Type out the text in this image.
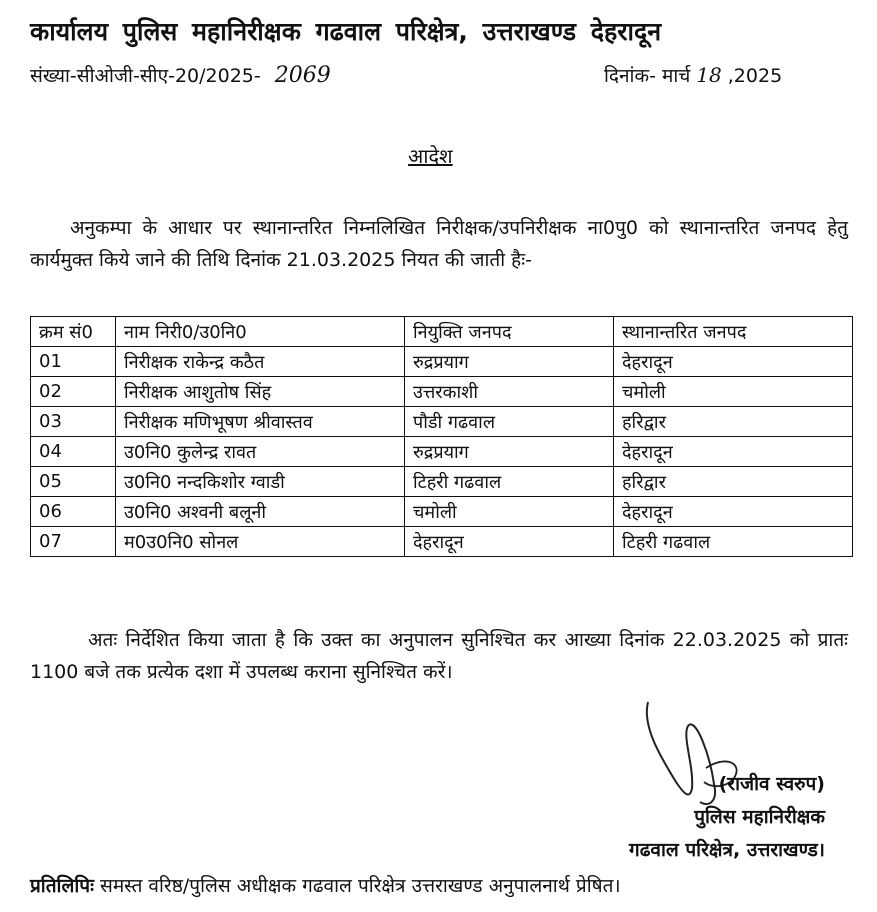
कार्यालय पुलिस महानिरीक्षक गढवाल परिक्षेत्र, उत्तराखण्ड देहरादून
संख्या-सीओजी-सीए-20/2025- 2069	दिनांक- मार्च 18 ,2025
आदेश
अनुकम्पा के आधार पर स्थानान्तरित निम्नलिखित निरीक्षक/उपनिरीक्षक ना0पु0 को स्थानान्तरित जनपद हेतु कार्यमुक्त किये जाने की तिथि दिनांक 21.03.2025 नियत की जाती हैः-
क्रम सं0	नाम निरी0/उ0नि0	नियुक्ति जनपद	स्थानान्तरित जनपद
01	निरीक्षक राकेन्द्र कठैत	रुद्रप्रयाग	देहरादून
02	निरीक्षक आशुतोष सिंह	उत्तरकाशी	चमोली
03	निरीक्षक मणिभूषण श्रीवास्तव	पौडी गढवाल	हरिद्वार
04	उ0नि0 कुलेन्द्र रावत	रुद्रप्रयाग	देहरादून
05	उ0नि0 नन्दकिशोर ग्वाडी	टिहरी गढवाल	हरिद्वार
06	उ0नि0 अश्वनी बलूनी	चमोली	देहरादून
07	म0उ0नि0 सोनल	देहरादून	टिहरी गढवाल
अतः निर्देशित किया जाता है कि उक्त का अनुपालन सुनिश्चित कर आख्या दिनांक 22.03.2025 को प्रातः 1100 बजे तक प्रत्येक दशा में उपलब्ध कराना सुनिश्चित करें।
(राजीव स्वरुप)
पुलिस महानिरीक्षक
गढवाल परिक्षेत्र, उत्तराखण्ड।
प्रतिलिपिः समस्त वरिष्ठ/पुलिस अधीक्षक गढवाल परिक्षेत्र उत्तराखण्ड अनुपालनार्थ प्रेषित।
